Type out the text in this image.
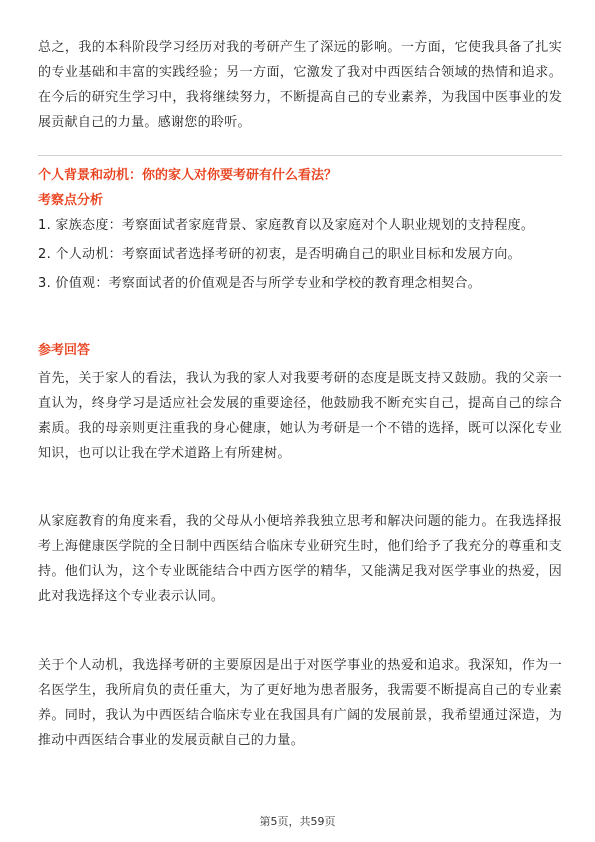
总之，我的本科阶段学习经历对我的考研产生了深远的影响。一方面，它使我具备了扎实的专业基础和丰富的实践经验；另一方面，它激发了我对中西医结合领域的热情和追求。在今后的研究生学习中，我将继续努力，不断提高自己的专业素养，为我国中医事业的发展贡献自己的力量。感谢您的聆听。

个人背景和动机：你的家人对你要考研有什么看法？

考察点分析

1. 家族态度：考察面试者家庭背景、家庭教育以及家庭对个人职业规划的支持程度。
2. 个人动机：考察面试者选择考研的初衷，是否明确自己的职业目标和发展方向。
3. 价值观：考察面试者的价值观是否与所学专业和学校的教育理念相契合。

参考回答

首先，关于家人的看法，我认为我的家人对我要考研的态度是既支持又鼓励。我的父亲一直认为，终身学习是适应社会发展的重要途径，他鼓励我不断充实自己，提高自己的综合素质。我的母亲则更注重我的身心健康，她认为考研是一个不错的选择，既可以深化专业知识，也可以让我在学术道路上有所建树。

从家庭教育的角度来看，我的父母从小便培养我独立思考和解决问题的能力。在我选择报考上海健康医学院的全日制中西医结合临床专业研究生时，他们给予了我充分的尊重和支持。他们认为，这个专业既能结合中西方医学的精华，又能满足我对医学事业的热爱，因此对我选择这个专业表示认同。

关于个人动机，我选择考研的主要原因是出于对医学事业的热爱和追求。我深知，作为一名医学生，我所肩负的责任重大，为了更好地为患者服务，我需要不断提高自己的专业素养。同时，我认为中西医结合临床专业在我国具有广阔的发展前景，我希望通过深造，为推动中西医结合事业的发展贡献自己的力量。

第5页，共59页
